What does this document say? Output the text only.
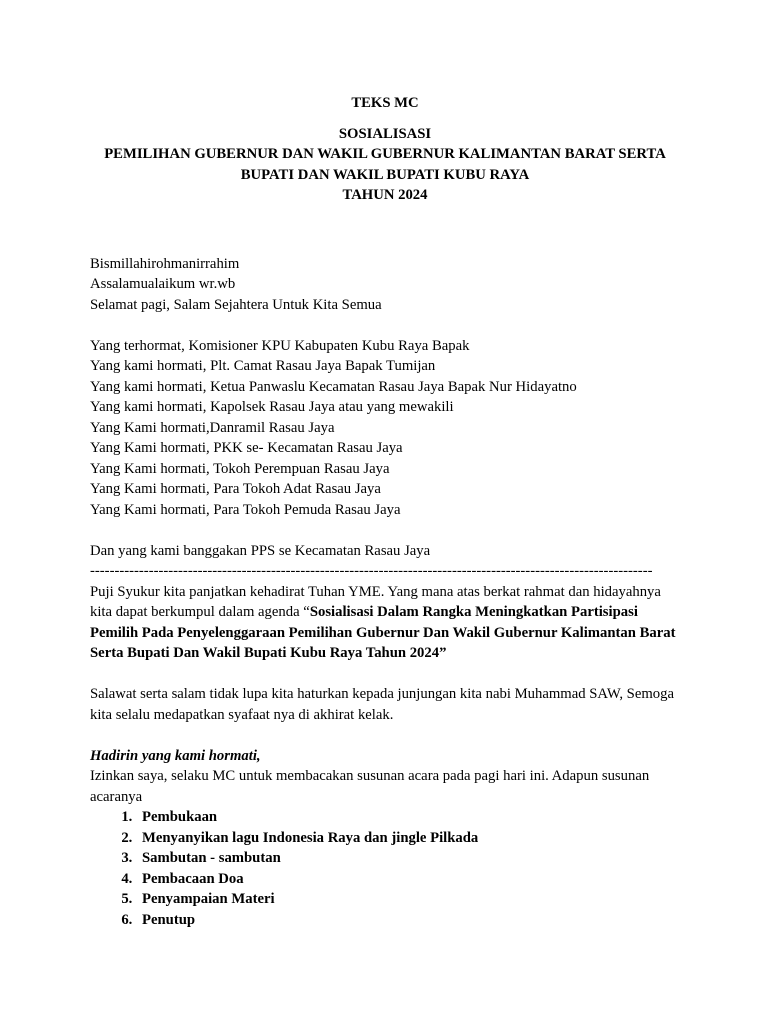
TEKS MC
SOSIALISASI
PEMILIHAN GUBERNUR DAN WAKIL GUBERNUR KALIMANTAN BARAT SERTA
BUPATI DAN WAKIL BUPATI KUBU RAYA
TAHUN 2024
Bismillahirohmanirrahim
Assalamualaikum wr.wb
Selamat pagi, Salam Sejahtera Untuk Kita Semua
Yang terhormat, Komisioner KPU Kabupaten Kubu Raya Bapak
Yang kami hormati, Plt. Camat Rasau Jaya Bapak Tumijan
Yang kami hormati, Ketua Panwaslu Kecamatan Rasau Jaya Bapak Nur Hidayatno
Yang kami hormati, Kapolsek Rasau Jaya atau yang mewakili
Yang Kami hormati,Danramil Rasau Jaya
Yang Kami hormati, PKK se- Kecamatan Rasau Jaya
Yang Kami hormati, Tokoh Perempuan Rasau Jaya
Yang Kami hormati, Para Tokoh Adat Rasau Jaya
Yang Kami hormati, Para Tokoh Pemuda Rasau Jaya
Dan yang kami banggakan PPS se Kecamatan Rasau Jaya
-------------------------------------------------------------------------------------------------------------------
Puji Syukur kita panjatkan kehadirat Tuhan YME. Yang mana atas berkat rahmat dan hidayahnya kita dapat berkumpul dalam agenda “Sosialisasi Dalam Rangka Meningkatkan Partisipasi Pemilih Pada Penyelenggaraan Pemilihan Gubernur Dan Wakil Gubernur Kalimantan Barat Serta Bupati Dan Wakil Bupati Kubu Raya Tahun 2024”
Salawat serta salam tidak lupa kita haturkan kepada junjungan kita nabi Muhammad SAW, Semoga kita selalu medapatkan syafaat nya di akhirat kelak.
Hadirin yang kami hormati,
Izinkan saya, selaku MC untuk membacakan susunan acara pada pagi hari ini. Adapun susunan acaranya
1. Pembukaan
2. Menyanyikan lagu Indonesia Raya dan jingle Pilkada
3. Sambutan - sambutan
4. Pembacaan Doa
5. Penyampaian Materi
6. Penutup
